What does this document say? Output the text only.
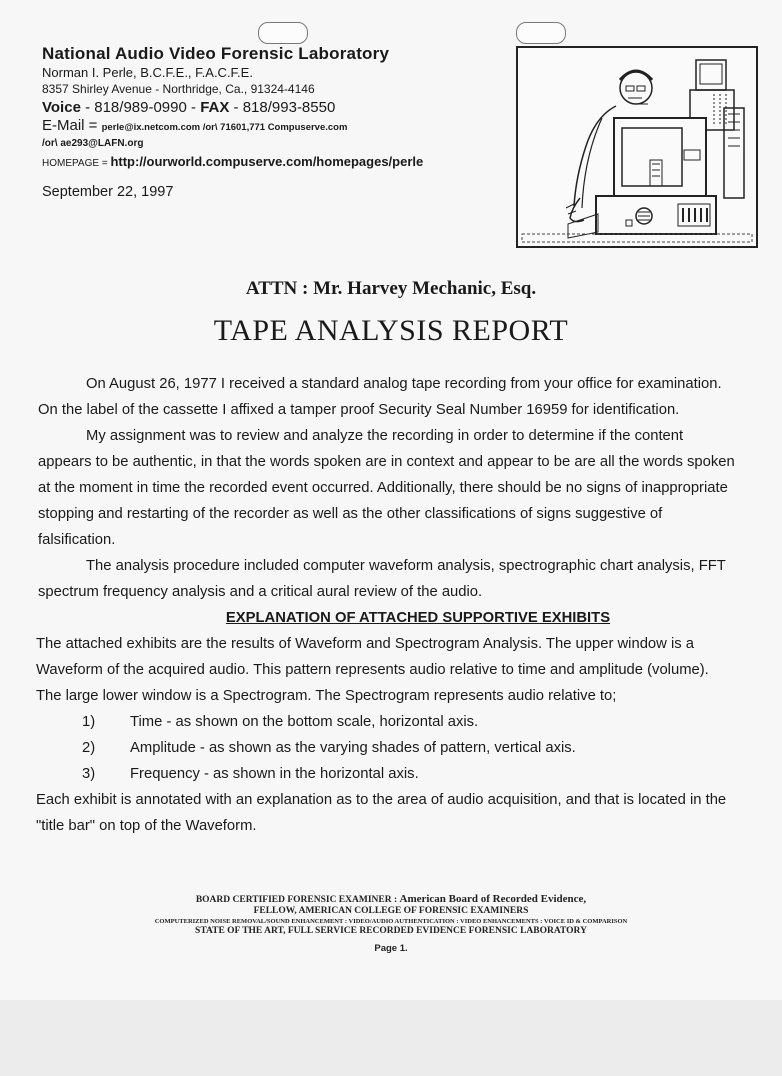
National Audio Video Forensic Laboratory
Norman I. Perle, B.C.F.E., F.A.C.F.E.
8357 Shirley Avenue - Northridge, Ca., 91324-4146
Voice - 818/989-0990 - FAX - 818/993-8550
E-Mail = perle@ix.netcom.com /or\ 71601,771 Compuserve.com
/or\ ae293@LAFN.org
HOMEPAGE = http://ourworld.compuserve.com/homepages/perle
September 22, 1997
ATTN : Mr. Harvey Mechanic, Esq.
TAPE ANALYSIS REPORT

On August 26, 1977 I received a standard analog tape recording from your office for examination. On the label of the cassette I affixed a tamper proof Security Seal Number 16959 for identification.

My assignment was to review and analyze the recording in order to determine if the content appears to be authentic, in that the words spoken are in context and appear to be are all the words spoken at the moment in time the recorded event occurred. Additionally, there should be no signs of inappropriate stopping and restarting of the recorder as well as the other classifications of signs suggestive of falsification.

The analysis procedure included computer waveform analysis, spectrographic chart analysis, FFT spectrum frequency analysis and a critical aural review of the audio.

EXPLANATION OF ATTACHED SUPPORTIVE EXHIBITS

The attached exhibits are the results of Waveform and Spectrogram Analysis. The upper window is a Waveform of the acquired audio. This pattern represents audio relative to time and amplitude (volume). The large lower window is a Spectrogram. The Spectrogram represents audio relative to;

1)	Time - as shown on the bottom scale, horizontal axis.
2)	Amplitude - as shown as the varying shades of pattern, vertical axis.
3)	Frequency - as shown in the horizontal axis.

Each exhibit is annotated with an explanation as to the area of audio acquisition, and that is located in the "title bar" on top of the Waveform.

BOARD CERTIFIED FORENSIC EXAMINER : American Board of Recorded Evidence,
FELLOW, AMERICAN COLLEGE OF FORENSIC EXAMINERS
COMPUTERIZED NOISE REMOVAL/SOUND ENHANCEMENT : VIDEO/AUDIO AUTHENTICATION : VIDEO ENHANCEMENTS : VOICE ID & COMPARISON
STATE OF THE ART, FULL SERVICE RECORDED EVIDENCE FORENSIC LABORATORY
Page 1.
